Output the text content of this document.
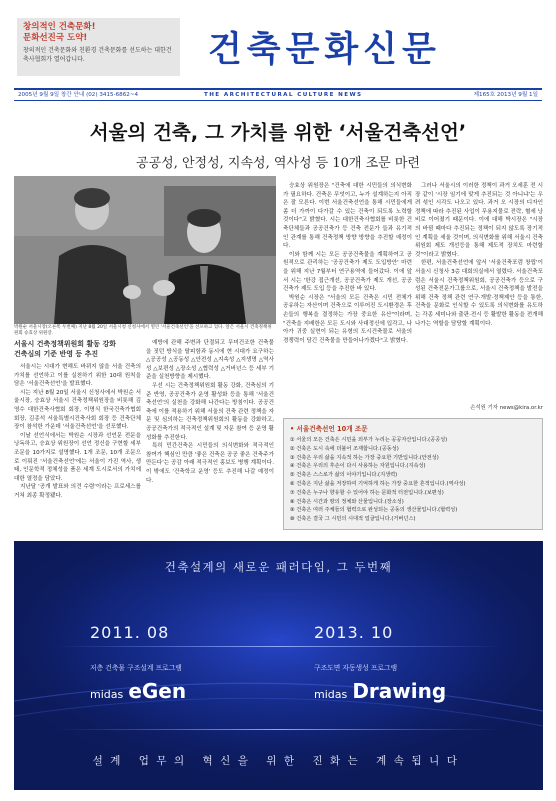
창의적인 건축문화!
문화선진국 도약!
창의적인 건축문화와 친환경 건축문화를 선도하는 대한건축사협회가 열어갑니다.	건축문화신문
2005년 9월 9일 창간 안내 (02) 3415-6862~4	THE ARCHITECTURAL CULTURE NEWS	제165호 2013년 9월 1일
서울의 건축, 그 가치를 위한 ‘서울건축선언’
공공성, 안정성, 지속성, 역사성 등 10개 조문 마련
박원순 서울시장(오른쪽 두번째) 지난 8월 20일 서울시청 신청사에서 열린 '서울건축선언'을 선포하고 있다. 앞은 서울시 건축정책위원회 승효상 위원장.
서울시 건축정책위원회 활동 강화
건축심의 기준 반영 등 추진

서울시는 시대가 변해도 바뀌지 않을 서울 건축의 가치를 선언하고 이를 실천하기 위한 10대 원칙을 담은 '서울건축선언'을 발표했다.

시는 지난 8월 20일 서울시 신청사에서 박원순 서울시장, 승효상 서울시 건축정책위원장을 비롯해 김영수 대한건축사협회 회장, 이명식 한국건축가협회 회장, 김종석 서울특별시건축사회 회장 등 건축단체장이 참석한 가운데 '서울건축선언'을 선포했다.

이날 선언식에서는 박원순 시장과 선언문 전문을 낭독하고, 승효상 위원장이 선언 정신을 구현할 세부 조문을 10가지로 설명했다. 1개 조문, 10개 조문으로 이뤄진 '서울건축선언'에는 서울이 가진 역사, 생태, 인문학적 정체성을 품은 세계 도시로서의 가치에 대한 열정을 담았다.

지난달 '공개 발표와 의견 수렴'이라는 프로세스를 거쳐 최종 확정됐다.

예방에 관해 주변과 단절되고 무미건조한 건축물을 짓던 방식을 탈피함과 동시에 현 시대가 요구하는 △공공성 △공동성 △안전성 △지속성 △지생명 △역사성 △보편성 △장소성 △협력성 △거버넌스 등 세부 기준을 실천방향을 제시했다.

우선 시는 건축정책위원회 활동 강화, 건축심의 기준 반영, 공공건축가 운영 활성화 등을 통해 '서울건축선언'의 실천을 강화해 나간다는 방침이다. 공공건축에 이를 적용하기 위해 서울의 건축 관련 정책을 자문 및 심의하는 건축정책위원회의 활동을 강화하고, 공공건축가의 적극적인 설계 및 자문 참여 등 운영 활성화를 추진한다.

특히 민간건축은 시민들의 의식변화와 적극적인 참여가 핵심인 만큼 '좋은 건축은 공공 좋은 건축주가 만든다'는 공감 아래 적극적인 홍보도 병행 계획이다. 이 밖에도 '건축학교 운영' 등도 추진해 나갈 예정이다.

승효상 위원장은 "건축에 대한 시민들의 의식변화가 필요하다. 건축은 무엇이고, 누가 설계하는지 아직은 잘 모른다. 이번 서울건축선언을 통해 시민들에게 좀 더 가까이 다가갈 수 있는 건축이 되도록 노력할 것이다"고 밝혔다. 시는 대한건축사협회를 비롯한 건축단체들과 공공건축가 등 건축 전문가 들과 유기적인 관계를 통해 건축정책 방향 방향을 추진할 예정이다.

이와 함께 시는 모든 공공건축물을 계획하여고 공원적으로 관리하는 '공공건축가 제도 도입방안' 마련을 위해 지난 7월부터 연구용역에 들어갔다. 이에 앞서 시는 '한강 접근개선, 공공건축가 제도 개선, 공공건축가 제도 도입 등을 추진한 바 있다.

박원순 시장은 "서울의 모든 건축은 시민 전체가 공유하는 자산이며 건축으로 이루어진 도시환경은 후손들의 행복을 결정하는 가장 중요한 유산"이라며, "건축을 지배한은 모든 도시와 사대정신에 입각고, 나아가 귀중 실현이 되는 유형의 도시건축물로 서울의 경쟁력이 담긴 건축물을 만들어나가겠다"고 밝혔다.

그러나 서울시의 이러한 정책이 과거 오세훈 전 시장 같이 '시장 임기에 맞게 추진되는 것 아니냐'는 우려 섞인 시각도 나오고 있다. 과거 오 시장의 디자인정책에 따라 추진된 사업이 무용지물로 전락, 혈세 낭비로 이어졌기 때문이다. 이에 대해 박시장은 "시장의 바뀜 때마다 추진되는 정책이 되지 않도록 장기적인 계획을 세울 것이며, 의식변화를 위해 서울시 건축위원회 제도 개선등을 통해 제도적 장치도 마련할 것"이라고 밝혔다.

한편, 서울건축선언에 앞서 '서울건축포럼 창립'이 서울시 신청사 3층 대회의실에서 열렸다. 서울건축포럼은 서울시 건축정책위원회, 공공건축가 등으로 구성된 건축전문가그룹으로, 서울시 건축정책을 발전을 위해 건축 정책 관련 연구·개발·정책제안 등을 통한, 건축을 문화로 인식할 수 있도록 의식변화를 유도하는 각종 세미나와 출판·전시 등 활발한 활동을 전개해 나가는 역할을 담당할 계획이다.

손석원 기자 news@kira.or.kr
• 서울건축선언 10개 조문
① 서울의 모든 건축은 시민을 외부가 누리는 공공자산입니다.(공공성)
② 건축은 도시 속에 더불어 조재합니다.(공동성)
③ 건축은 우리 삶을 지속적 하는 가장 중요한 기반입니다.(안전성)
④ 건축은 우리의 후손이 다시 사용하는 자원입니다.(지속성)
⑤ 건축은 스스로가 삶의 이야기입니다.(지생력)
⑥ 건축은 지난 삶을 저장하여 기억하게 하는 가장 중요한 흔적입니다.(역사성)
⑦ 건축은 누구나 향유할 수 있어야 하는 문화적 터전입니다.(보편성)
⑧ 건축은 시간과 땅의 정체와 산물입니다.(장소성)
⑨ 건축은 여러 주체들의 협력으로 완성되는 공동의 생산물입니다.(협력성)
⑩ 건축은 결국 그 시민의 시대적 얼굴입니다.(거버넌스)
건축설계의 새로운 패러다임, 그 두번째
2011. 08	2013. 10
저층 건축물 구조설계 프로그램	구조도면 자동생성 프로그램
midas eGen	midas Drawing
설계 업무의 혁신을 위한 진화는 계속됩니다
